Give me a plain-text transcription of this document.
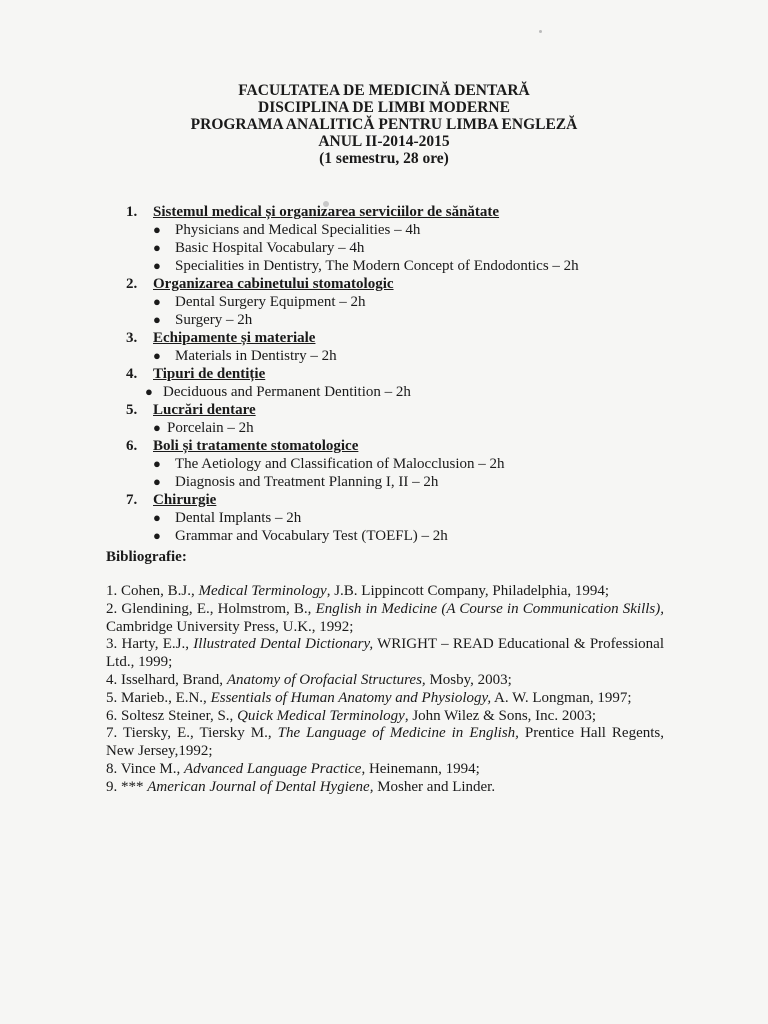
FACULTATEA DE MEDICINĂ DENTARĂ
DISCIPLINA DE LIMBI MODERNE
PROGRAMA ANALITICĂ PENTRU LIMBA ENGLEZĂ
ANUL II-2014-2015
(1 semestru, 28 ore)
1. Sistemul medical și organizarea serviciilor de sănătate
● Physicians and Medical Specialities – 4h
● Basic Hospital Vocabulary – 4h
● Specialities in Dentistry, The Modern Concept of Endodontics – 2h
2. Organizarea cabinetului stomatologic
● Dental Surgery Equipment – 2h
● Surgery – 2h
3. Echipamente și materiale
● Materials in Dentistry – 2h
4. Tipuri de dentiție
● Deciduous and Permanent Dentition – 2h
5. Lucrări dentare
● Porcelain – 2h
6. Boli și tratamente stomatologice
● The Aetiology and Classification of Malocclusion – 2h
● Diagnosis and Treatment Planning I, II – 2h
7. Chirurgie
● Dental Implants – 2h
● Grammar and Vocabulary Test (TOEFL) – 2h
Bibliografie:
1. Cohen, B.J., Medical Terminology, J.B. Lippincott Company, Philadelphia, 1994;
2. Glendining, E., Holmstrom, B., English in Medicine (A Course in Communication Skills), Cambridge University Press, U.K., 1992;
3. Harty, E.J., Illustrated Dental Dictionary, WRIGHT – READ Educational & Professional Ltd., 1999;
4. Isselhard, Brand, Anatomy of Orofacial Structures, Mosby, 2003;
5. Marieb., E.N., Essentials of Human Anatomy and Physiology, A. W. Longman, 1997;
6. Soltesz Steiner, S., Quick Medical Terminology, John Wilez & Sons, Inc. 2003;
7. Tiersky, E., Tiersky M., The Language of Medicine in English, Prentice Hall Regents, New Jersey,1992;
8. Vince M., Advanced Language Practice, Heinemann, 1994;
9. *** American Journal of Dental Hygiene, Mosher and Linder.
